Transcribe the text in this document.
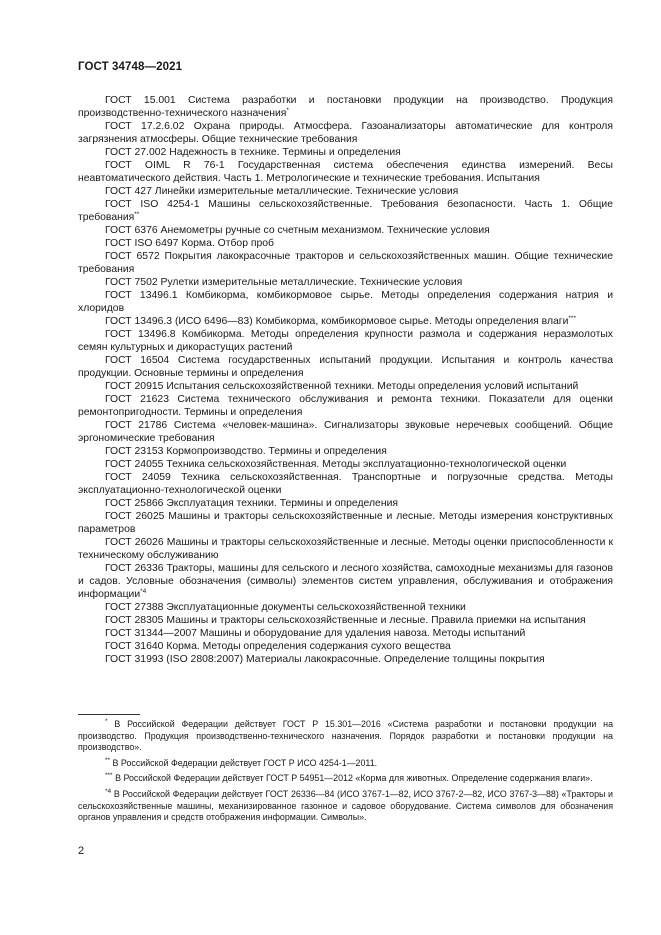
ГОСТ 34748—2021

ГОСТ 15.001 Система разработки и постановки продукции на производство. Продукция производственно-технического назначения*

ГОСТ 17.2.6.02 Охрана природы. Атмосфера. Газоанализаторы автоматические для контроля загрязнения атмосферы. Общие технические требования

ГОСТ 27.002 Надежность в технике. Термины и определения

ГОСТ OIML R 76-1 Государственная система обеспечения единства измерений. Весы неавтоматического действия. Часть 1. Метрологические и технические требования. Испытания

ГОСТ 427 Линейки измерительные металлические. Технические условия

ГОСТ ISO 4254-1 Машины сельскохозяйственные. Требования безопасности. Часть 1. Общие требования**

ГОСТ 6376 Анемометры ручные со счетным механизмом. Технические условия

ГОСТ ISO 6497 Корма. Отбор проб

ГОСТ 6572 Покрытия лакокрасочные тракторов и сельскохозяйственных машин. Общие технические требования

ГОСТ 7502 Рулетки измерительные металлические. Технические условия

ГОСТ 13496.1 Комбикорма, комбикормовое сырье. Методы определения содержания натрия и хлоридов

ГОСТ 13496.3 (ИСО 6496—83) Комбикорма, комбикормовое сырье. Методы определения влаги***

ГОСТ 13496.8 Комбикорма. Методы определения крупности размола и содержания неразмолотых семян культурных и дикорастущих растений

ГОСТ 16504 Система государственных испытаний продукции. Испытания и контроль качества продукции. Основные термины и определения

ГОСТ 20915 Испытания сельскохозяйственной техники. Методы определения условий испытаний

ГОСТ 21623 Система технического обслуживания и ремонта техники. Показатели для оценки ремонтопригодности. Термины и определения

ГОСТ 21786 Система «человек-машина». Сигнализаторы звуковые неречевых сообщений. Общие эргономические требования

ГОСТ 23153 Кормопроизводство. Термины и определения

ГОСТ 24055 Техника сельскохозяйственная. Методы эксплуатационно-технологической оценки

ГОСТ 24059 Техника сельскохозяйственная. Транспортные и погрузочные средства. Методы эксплуатационно-технологической оценки

ГОСТ 25866 Эксплуатация техники. Термины и определения

ГОСТ 26025 Машины и тракторы сельскохозяйственные и лесные. Методы измерения конструктивных параметров

ГОСТ 26026 Машины и тракторы сельскохозяйственные и лесные. Методы оценки приспособленности к техническому обслуживанию

ГОСТ 26336 Тракторы, машины для сельского и лесного хозяйства, самоходные механизмы для газонов и садов. Условные обозначения (символы) элементов систем управления, обслуживания и отображения информации$^{*4}$

ГОСТ 27388 Эксплуатационные документы сельскохозяйственной техники

ГОСТ 28305 Машины и тракторы сельскохозяйственные и лесные. Правила приемки на испытания

ГОСТ 31344—2007 Машины и оборудование для удаления навоза. Методы испытаний

ГОСТ 31640 Корма. Методы определения содержания сухого вещества

ГОСТ 31993 (ISO 2808:2007) Материалы лакокрасочные. Определение толщины покрытия

* В Российской Федерации действует ГОСТ Р 15.301—2016 «Система разработки и постановки продукции на производство. Продукция производственно-технического назначения. Порядок разработки и постановки продукции на производство».

** В Российской Федерации действует ГОСТ Р ИСО 4254-1—2011.

*** В Российской Федерации действует ГОСТ Р 54951—2012 «Корма для животных. Определение содержания влаги».

$^{*4}$ В Российской Федерации действует ГОСТ 26336—84 (ИСО 3767-1—82, ИСО 3767-2—82, ИСО 3767-3—88) «Тракторы и сельскохозяйственные машины, механизированное газонное и садовое оборудование. Система символов для обозначения органов управления и средств отображения информации. Символы».

2
